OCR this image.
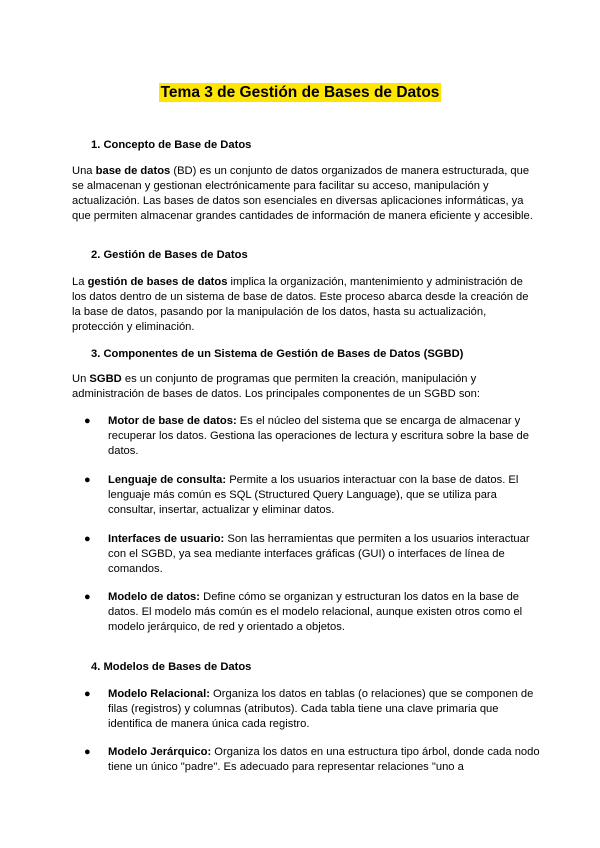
Tema 3 de Gestión de Bases de Datos
1. Concepto de Base de Datos
Una base de datos (BD) es un conjunto de datos organizados de manera estructurada, que se almacenan y gestionan electrónicamente para facilitar su acceso, manipulación y actualización. Las bases de datos son esenciales en diversas aplicaciones informáticas, ya que permiten almacenar grandes cantidades de información de manera eficiente y accesible.
2. Gestión de Bases de Datos
La gestión de bases de datos implica la organización, mantenimiento y administración de los datos dentro de un sistema de base de datos. Este proceso abarca desde la creación de la base de datos, pasando por la manipulación de los datos, hasta su actualización, protección y eliminación.
3. Componentes de un Sistema de Gestión de Bases de Datos (SGBD)
Un SGBD es un conjunto de programas que permiten la creación, manipulación y administración de bases de datos. Los principales componentes de un SGBD son:
●	Motor de base de datos: Es el núcleo del sistema que se encarga de almacenar y recuperar los datos. Gestiona las operaciones de lectura y escritura sobre la base de datos.
●	Lenguaje de consulta: Permite a los usuarios interactuar con la base de datos. El lenguaje más común es SQL (Structured Query Language), que se utiliza para consultar, insertar, actualizar y eliminar datos.
●	Interfaces de usuario: Son las herramientas que permiten a los usuarios interactuar con el SGBD, ya sea mediante interfaces gráficas (GUI) o interfaces de línea de comandos.
●	Modelo de datos: Define cómo se organizan y estructuran los datos en la base de datos. El modelo más común es el modelo relacional, aunque existen otros como el modelo jerárquico, de red y orientado a objetos.
4. Modelos de Bases de Datos
●	Modelo Relacional: Organiza los datos en tablas (o relaciones) que se componen de filas (registros) y columnas (atributos). Cada tabla tiene una clave primaria que identifica de manera única cada registro.
●	Modelo Jerárquico: Organiza los datos en una estructura tipo árbol, donde cada nodo tiene un único "padre". Es adecuado para representar relaciones "uno a
